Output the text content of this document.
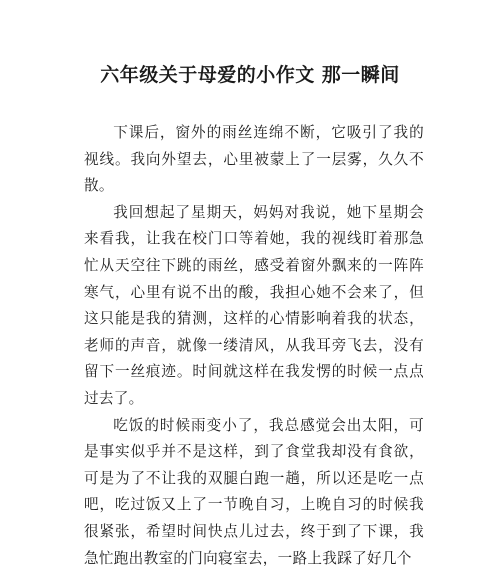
六年级关于母爱的小作文 那一瞬间

下课后，窗外的雨丝连绵不断，它吸引了我的视线。我向外望去，心里被蒙上了一层雾，久久不散。

我回想起了星期天，妈妈对我说，她下星期会来看我，让我在校门口等着她，我的视线盯着那急忙从天空往下跳的雨丝，感受着窗外飘来的一阵阵寒气，心里有说不出的酸，我担心她不会来了，但这只能是我的猜测，这样的心情影响着我的状态，老师的声音，就像一缕清风，从我耳旁飞去，没有留下一丝痕迹。时间就这样在我发愣的时候一点点过去了。

吃饭的时候雨变小了，我总感觉会出太阳，可是事实似乎并不是这样，到了食堂我却没有食欲，可是为了不让我的双腿白跑一趟，所以还是吃一点吧，吃过饭又上了一节晚自习，上晚自习的时候我很紧张，希望时间快点儿过去，终于到了下课，我急忙跑出教室的门向寝室去，一路上我踩了好几个
